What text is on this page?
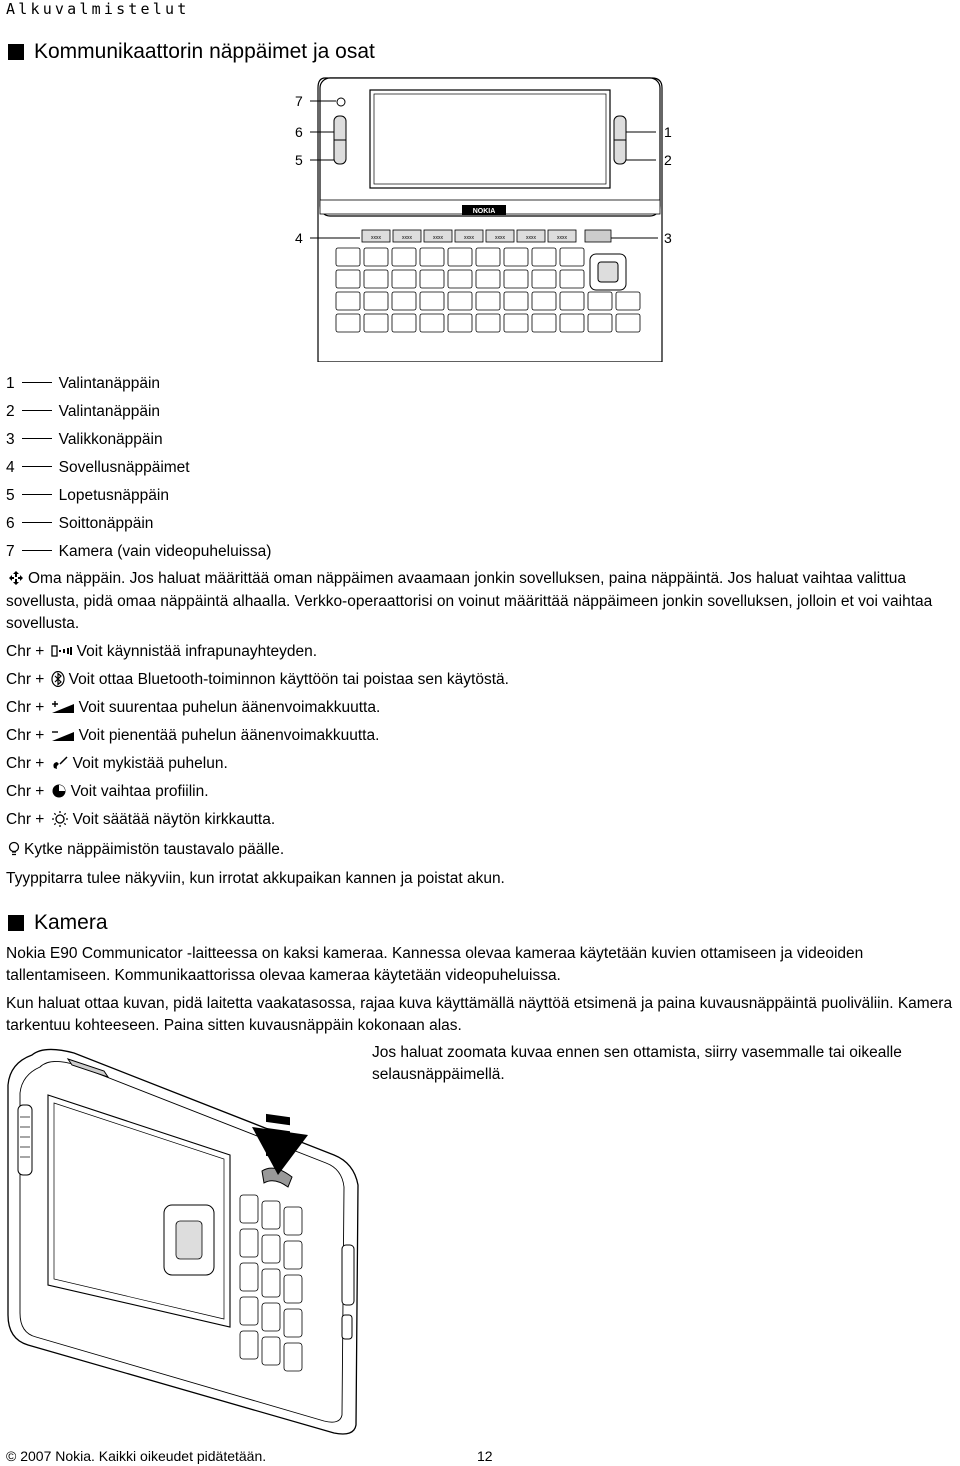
Alkuvalmistelut
Kommunikaattorin näppäimet ja osat
NOKIA
xxxx	xxxx	xxxx	xxxx	xxxx	xxxx	xxxx
7
6
5
4
1
2
3
1	Valintanäppäin
2	Valintanäppäin
3	Valikkonäppäin
4	Sovellusnäppäimet
5	Lopetusnäppäin
6	Soittonäppäin
7	Kamera (vain videopuheluissa)
Oma näppäin. Jos haluat määrittää oman näppäimen avaamaan jonkin sovelluksen, paina näppäintä. Jos haluat vaihtaa valittua sovellusta, pidä omaa näppäintä alhaalla. Verkko-operaattorisi on voinut määrittää näppäimeen jonkin sovelluksen, jolloin et voi vaihtaa sovellusta.
Chr + Voit käynnistää infrapunayhteyden.
Chr + Voit ottaa Bluetooth-toiminnon käyttöön tai poistaa sen käytöstä.
Chr + Voit suurentaa puhelun äänenvoimakkuutta.
Chr + Voit pienentää puhelun äänenvoimakkuutta.
Chr + Voit mykistää puhelun.
Chr + Voit vaihtaa profiilin.
Chr + Voit säätää näytön kirkkautta.
Kytke näppäimistön taustavalo päälle.
Tyyppitarra tulee näkyviin, kun irrotat akkupaikan kannen ja poistat akun.
Kamera
Nokia E90 Communicator -laitteessa on kaksi kameraa. Kannessa olevaa kameraa käytetään kuvien ottamiseen ja videoiden tallentamiseen. Kommunikaattorissa olevaa kameraa käytetään videopuheluissa.
Kun haluat ottaa kuvan, pidä laitetta vaakatasossa, rajaa kuva käyttämällä näyttöä etsimenä ja paina kuvausnäppäintä puoliväliin. Kamera tarkentuu kohteeseen. Paina sitten kuvausnäppäin kokonaan alas.
Jos haluat zoomata kuvaa ennen sen ottamista, siirry vasemmalle tai oikealle selausnäppäimellä.
© 2007 Nokia. Kaikki oikeudet pidätetään.	12
